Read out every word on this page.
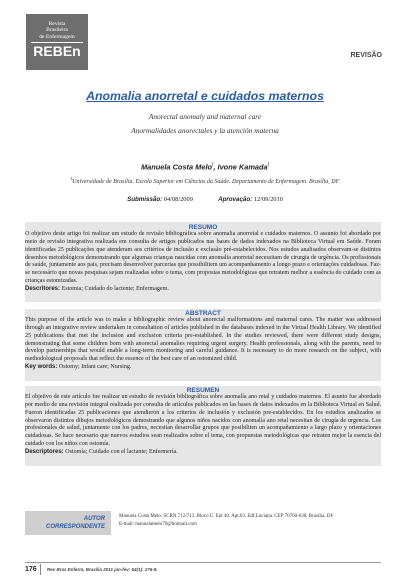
Revista
Brasileira
de Enfermagem
REBEn	REVISÃO
Anomalia anorretal e cuidados maternos
Anorectal anomaly and maternal care
Anormalidades anorectales y la atención materna
Manuela Costa Melo$^I$, Ivone Kamada$^I$
$^I$Universidade de Brasília. Escola Superior em Ciências da Saúde. Departamento de Enfermagem. Brasília, DF
Submissão: 04/08/2009	Aprovação: 12/09/2010
RESUMO
O objetivo deste artigo foi realizar um estudo de revisão bibliográfica sobre anomalia anorretal e cuidados maternos. O assunto foi abordado por meio de revisão integrativa realizada em consulta de artigos publicados nas bases de dados indexados na Biblioteca Virtual em Saúde. Foram identificadas 25 publicações que atenderam aos critérios de inclusão e exclusão pré-estabelecidos. Nos estudos analisados observam-se distintos desenhos metodológicos demonstrando que algumas crianças nascidas com anomalia anorretal necessitam de cirurgia de urgência. Os profissionais de saúde, juntamente aos pais, precisam desenvolver parcerias que possibilitem um acompanhamento a longo prazo e orientações cuidadosas. Faz-se necessário que novas pesquisas sejam realizadas sobre o tema, com propostas metodológicas que retratem melhor a essência do cuidado com as crianças estomizadas.
Descritores: Estomia; Cuidado do lactente; Enfermagem.
ABSTRACT
This purpose of the article was to make a bibliographic review about anorectal malformations and maternal cares. The matter was addressed through an integrative review undertaken in consultation of articles published in the databases indexed in the Virtual Health Library. We identified 25 publications that met the inclusion and exclusion criteria pre-established. In the studies reviewed, there were different study designs, demonstrating that some children born with anorectal anomalies requiring urgent surgery. Health professionals, along with the parents, need to develop partnerships that would enable a long-term monitoring and careful guidance. It is necessary to do more research on the subject, with methodological proposals that reflect the essence of the best care of an ostomized child.
Key words: Ostomy; Infant care; Nursing.
RESUMEN
El objetivo de este artículo fue realizar un estudio de revisión bibliográfica sobre anomalía ano retal y cuidados maternos. El asunto fue abordado por medio de una revisión integral realizada por consulta de artículos publicados en las bases de datos indexados en la Biblioteca Virtual en Salud. Fueron identificadas 25 publicaciones que atendieron a los criterios de inclusión y exclusión pre-establecidos. En los estudios analizados se observaron distintos dibujos metodológicos demostrando que algunos niños nacidos con anomalía ano retal necesitan de cirugía de urgencia. Los profesionales de salud, juntamente con los padres, necesitan desarrollar grupos que posibiliten un acompañamiento a largo plazo y orientaciones cuidadosas. Se hace necesario que nuevos estudios sean realizados sobre el tema, con propuestas metodológicas que retraten mejor la esencia del cuidado con los niños con ostomía.
Descriptores: Ostomía; Cuidado con el lactante; Enfermería.
AUTOR
CORRESPONDENTE
Manuela Costa Melo. SCRN 712/713. Bloco C. Ent 40. Apt.03. Edf.Luciana. CEP 70760-630. Brasília, DF
E-mail: manuelamelo79@hotmail.com
176 Rev Bras Enferm, Brasília 2011 jan-fev; 64(1): 176-9.
